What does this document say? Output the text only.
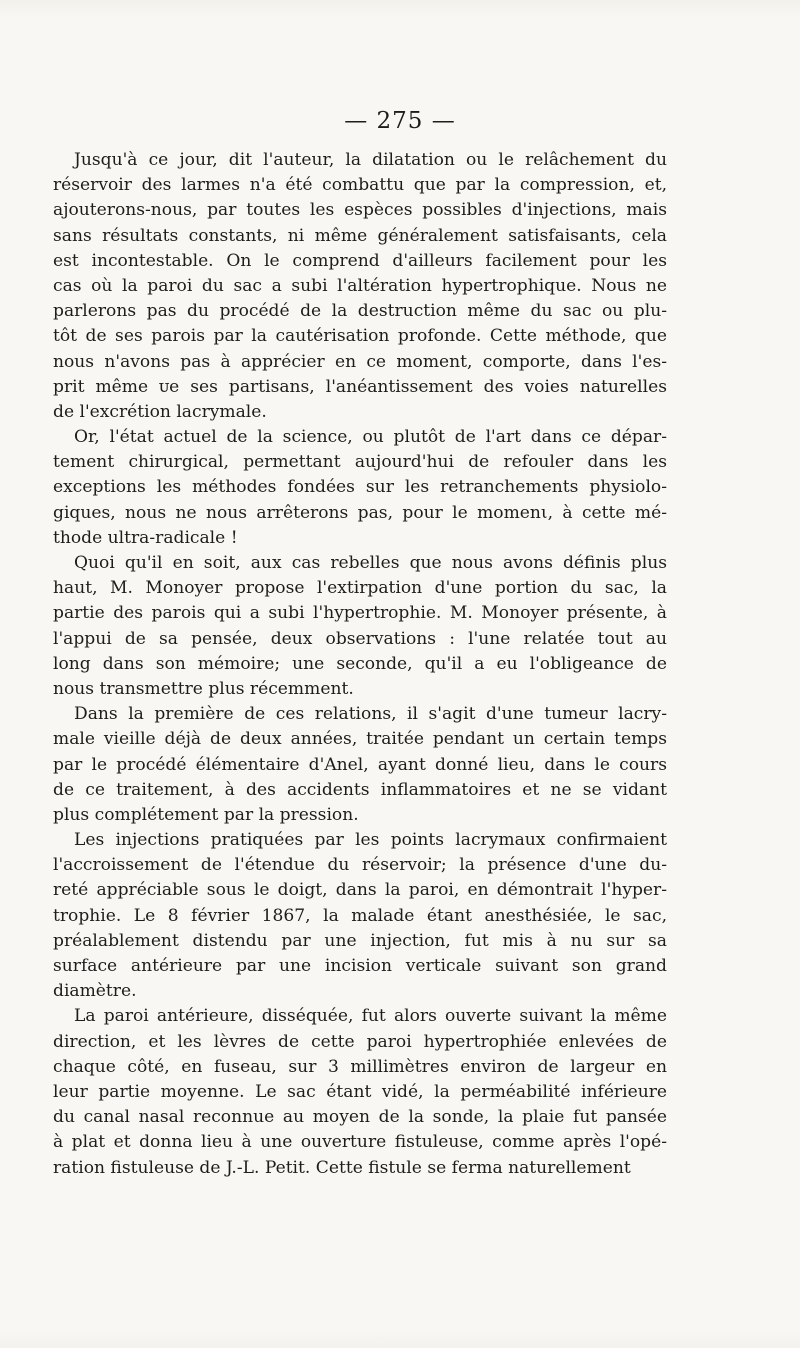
— 275 —
Jusqu'à ce jour, dit l'auteur, la dilatation ou le relâchement du
réservoir des larmes n'a été combattu que par la compression, et,
ajouterons-nous, par toutes les espèces possibles d'injections, mais
sans résultats constants, ni même généralement satisfaisants, cela
est incontestable. On le comprend d'ailleurs facilement pour les
cas où la paroi du sac a subi l'altération hypertrophique. Nous ne
parlerons pas du procédé de la destruction même du sac ou plu-
tôt de ses parois par la cautérisation profonde. Cette méthode, que
nous n'avons pas à apprécier en ce moment, comporte, dans l'es-
prit même ᴜe ses partisans, l'anéantissement des voies naturelles
de l'excrétion lacrymale.
Or, l'état actuel de la science, ou plutôt de l'art dans ce dépar-
tement chirurgical, permettant aujourd'hui de refouler dans les
exceptions les méthodes fondées sur les retranchements physiolo-
giques, nous ne nous arrêterons pas, pour le momenι, à cette mé-
thode ultra-radicale !
Quoi qu'il en soit, aux cas rebelles que nous avons définis plus
haut, M. Monoyer propose l'extirpation d'une portion du sac, la
partie des parois qui a subi l'hypertrophie. M. Monoyer présente, à
l'appui de sa pensée, deux observations : l'une relatée tout au
long dans son mémoire; une seconde, qu'il a eu l'obligeance de
nous transmettre plus récemment.
Dans la première de ces relations, il s'agit d'une tumeur lacry-
male vieille déjà de deux années, traitée pendant un certain temps
par le procédé élémentaire d'Anel, ayant donné lieu, dans le cours
de ce traitement, à des accidents inflammatoires et ne se vidant
plus complétement par la pression.
Les injections pratiquées par les points lacrymaux confirmaient
l'accroissement de l'étendue du réservoir; la présence d'une du-
reté appréciable sous le doigt, dans la paroi, en démontrait l'hyper-
trophie. Le 8 février 1867, la malade étant anesthésiée, le sac,
préalablement distendu par une injection, fut mis à nu sur sa
surface antérieure par une incision verticale suivant son grand
diamètre.
La paroi antérieure, disséquée, fut alors ouverte suivant la même
direction, et les lèvres de cette paroi hypertrophiée enlevées de
chaque côté, en fuseau, sur 3 millimètres environ de largeur en
leur partie moyenne. Le sac étant vidé, la perméabilité inférieure
du canal nasal reconnue au moyen de la sonde, la plaie fut pansée
à plat et donna lieu à une ouverture fistuleuse, comme après l'opé-
ration fistuleuse de J.-L. Petit. Cette fistule se ferma naturellement
